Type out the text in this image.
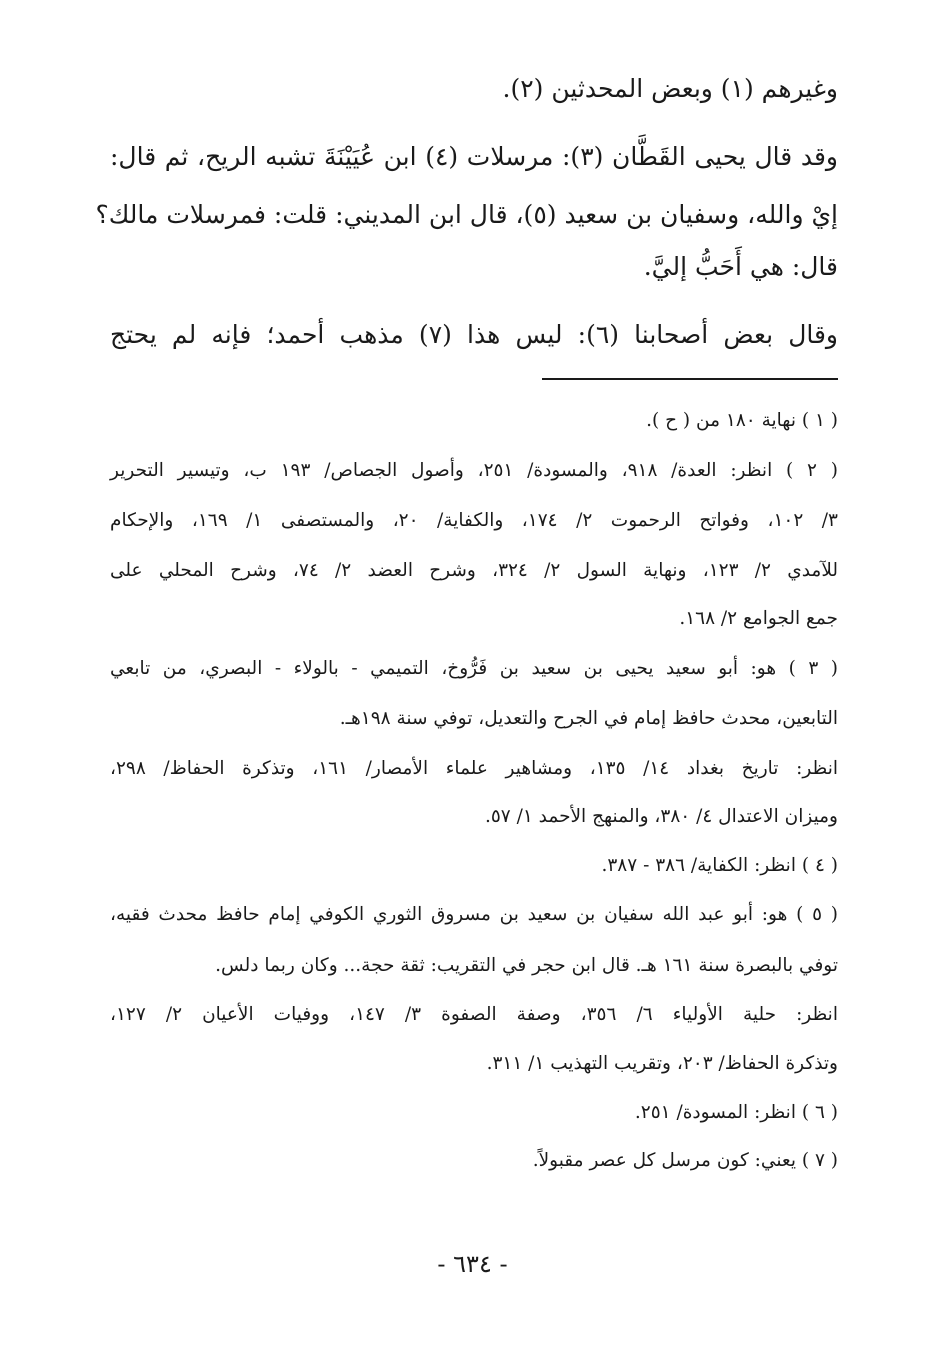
وغيرهم (١) وبعض المحدثين (٢).
وقد قال يحيى القَطَّان (٣): مرسلات (٤) ابن عُيَيْنَةَ تشبه الريح، ثم قال:
إيْ والله، وسفيان بن سعيد (٥)، قال ابن المديني: قلت: فمرسلات مالك؟
قال: هي أَحَبُّ إليَّ.
وقال بعض أصحابنا (٦): ليس هذا (٧) مذهب أحمد؛ فإنه لم يحتج
( ١ ) نهاية ١٨٠ من ( ح ).
( ٢ ) انظر: العدة/ ٩١٨، والمسودة/ ٢٥١، وأصول الجصاص/ ١٩٣ ب، وتيسير التحرير
٣/ ١٠٢، وفواتح الرحموت ٢/ ١٧٤، والكفاية/ ٢٠، والمستصفى ١/ ١٦٩، والإحكام
للآمدي ٢/ ١٢٣، ونهاية السول ٢/ ٣٢٤، وشرح العضد ٢/ ٧٤، وشرح المحلي على
جمع الجوامع ٢/ ١٦٨.
( ٣ ) هو: أبو سعيد يحيى بن سعيد بن فَرُّوخ، التميمي - بالولاء - البصري، من تابعي
التابعين، محدث حافظ إمام في الجرح والتعديل، توفي سنة ١٩٨هـ.
انظر: تاريخ بغداد ١٤/ ١٣٥، ومشاهير علماء الأمصار/ ١٦١، وتذكرة الحفاظ/ ٢٩٨،
وميزان الاعتدال ٤/ ٣٨٠، والمنهج الأحمد ١/ ٥٧.
( ٤ ) انظر: الكفاية/ ٣٨٦ - ٣٨٧.
( ٥ ) هو: أبو عبد الله سفيان بن سعيد بن مسروق الثوري الكوفي إمام حافظ محدث فقيه،
توفي بالبصرة سنة ١٦١ هـ. قال ابن حجر في التقريب: ثقة حجة... وكان ربما دلس.
انظر: حلية الأولياء ٦/ ٣٥٦، وصفة الصفوة ٣/ ١٤٧، ووفيات الأعيان ٢/ ١٢٧،
وتذكرة الحفاظ/ ٢٠٣، وتقريب التهذيب ١/ ٣١١.
( ٦ ) انظر: المسودة/ ٢٥١.
( ٧ ) يعني: كون مرسل كل عصر مقبولاً.
- ٦٣٤ -
